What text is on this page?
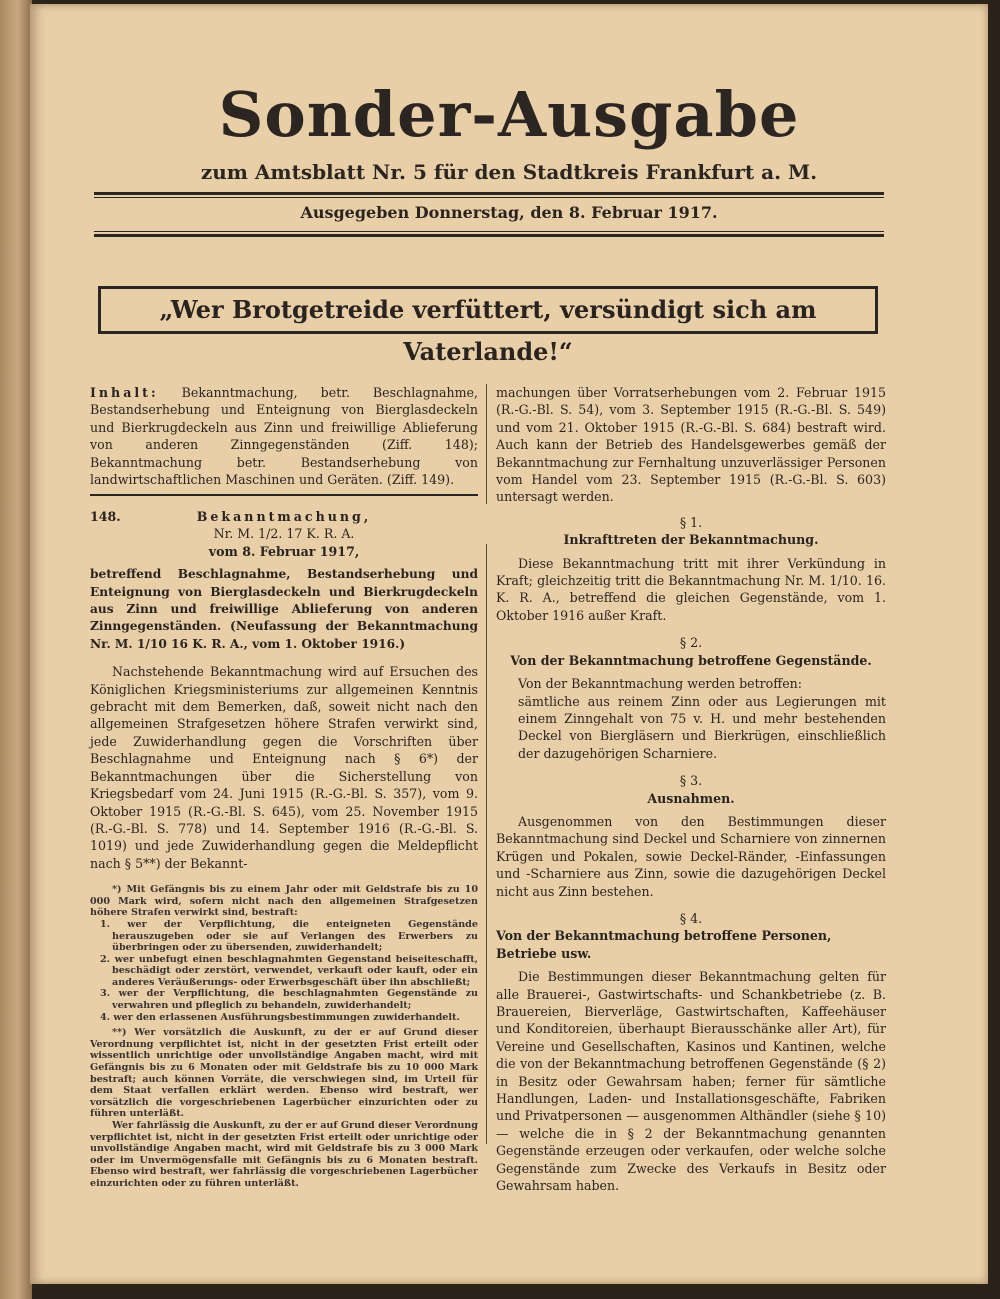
Sonder-Ausgabe
zum Amtsblatt Nr. 5 für den Stadtkreis Frankfurt a. M.
Ausgegeben Donnerstag, den 8. Februar 1917.
„Wer Brotgetreide verfüttert, versündigt sich am Vaterlande!“

Inhalt: Bekanntmachung, betr. Beschlagnahme, Bestandserhebung und Enteignung von Bierglasdeckeln und Bierkrugdeckeln aus Zinn und freiwillige Ablieferung von anderen Zinngegenständen (Ziff. 148); Bekanntmachung betr. Bestandserhebung von landwirtschaftlichen Maschinen und Geräten. (Ziff. 149).

148.	Bekanntmachung,
Nr. M. 1/2. 17 K. R. A.
vom 8. Februar 1917,

betreffend Beschlagnahme, Bestandserhebung und Enteignung von Bierglasdeckeln und Bierkrugdeckeln aus Zinn und freiwillige Ablieferung von anderen Zinngegenständen. (Neufassung der Bekanntmachung Nr. M. 1/10 16 K. R. A., vom 1. Oktober 1916.)

Nachstehende Bekanntmachung wird auf Ersuchen des Königlichen Kriegsministeriums zur allgemeinen Kenntnis gebracht mit dem Bemerken, daß, soweit nicht nach den allgemeinen Strafgesetzen höhere Strafen verwirkt sind, jede Zuwiderhandlung gegen die Vorschriften über Beschlagnahme und Enteignung nach § 6*) der Bekanntmachungen über die Sicherstellung von Kriegsbedarf vom 24. Juni 1915 (R.-G.-Bl. S. 357), vom 9. Oktober 1915 (R.-G.-Bl. S. 645), vom 25. November 1915 (R.-G.-Bl. S. 778) und 14. September 1916 (R.-G.-Bl. S. 1019) und jede Zuwiderhandlung gegen die Meldepflicht nach § 5**) der Bekannt-

*) Mit Gefängnis bis zu einem Jahr oder mit Geldstrafe bis zu 10 000 Mark wird, sofern nicht nach den allgemeinen Strafgesetzen höhere Strafen verwirkt sind, bestraft:

1. wer der Verpflichtung, die enteigneten Gegenstände herauszugeben oder sie auf Verlangen des Erwerbers zu überbringen oder zu übersenden, zuwiderhandelt;
2. wer unbefugt einen beschlagnahmten Gegenstand beiseiteschafft, beschädigt oder zerstört, verwendet, verkauft oder kauft, oder ein anderes Veräußerungs- oder Erwerbsgeschäft über ihn abschließt;
3. wer der Verpflichtung, die beschlagnahmten Gegenstände zu verwahren und pfleglich zu behandeln, zuwiderhandelt;
4. wer den erlassenen Ausführungsbestimmungen zuwiderhandelt.

**) Wer vorsätzlich die Auskunft, zu der er auf Grund dieser Verordnung verpflichtet ist, nicht in der gesetzten Frist erteilt oder wissentlich unrichtige oder unvollständige Angaben macht, wird mit Gefängnis bis zu 6 Monaten oder mit Geldstrafe bis zu 10 000 Mark bestraft; auch können Vorräte, die verschwiegen sind, im Urteil für dem Staat verfallen erklärt werden. Ebenso wird bestraft, wer vorsätzlich die vorgeschriebenen Lagerbücher einzurichten oder zu führen unterläßt.

Wer fahrlässig die Auskunft, zu der er auf Grund dieser Verordnung verpflichtet ist, nicht in der gesetzten Frist erteilt oder unrichtige oder unvollständige Angaben macht, wird mit Geldstrafe bis zu 3 000 Mark oder im Unvermögensfalle mit Gefängnis bis zu 6 Monaten bestraft. Ebenso wird bestraft, wer fahrlässig die vorgeschriebenen Lagerbücher einzurichten oder zu führen unterläßt.

machungen über Vorratserhebungen vom 2. Februar 1915 (R.-G.-Bl. S. 54), vom 3. September 1915 (R.-G.-Bl. S. 549) und vom 21. Oktober 1915 (R.-G.-Bl. S. 684) bestraft wird. Auch kann der Betrieb des Handelsgewerbes gemäß der Bekanntmachung zur Fernhaltung unzuverlässiger Personen vom Handel vom 23. September 1915 (R.-G.-Bl. S. 603) untersagt werden.

§ 1.
Inkrafttreten der Bekanntmachung.

Diese Bekanntmachung tritt mit ihrer Verkündung in Kraft; gleichzeitig tritt die Bekanntmachung Nr. M. 1/10. 16. K. R. A., betreffend die gleichen Gegenstände, vom 1. Oktober 1916 außer Kraft.

§ 2.
Von der Bekanntmachung betroffene Gegenstände.

Von der Bekanntmachung werden betroffen:

sämtliche aus reinem Zinn oder aus Legierungen mit einem Zinngehalt von 75 v. H. und mehr bestehenden Deckel von Biergläsern und Bierkrügen, einschließlich der dazugehörigen Scharniere.

§ 3.
Ausnahmen.

Ausgenommen von den Bestimmungen dieser Bekanntmachung sind Deckel und Scharniere von zinnernen Krügen und Pokalen, sowie Deckel-Ränder, -Einfassungen und -Scharniere aus Zinn, sowie die dazugehörigen Deckel nicht aus Zinn bestehen.

§ 4.
Von der Bekanntmachung betroffene Personen, Betriebe usw.

Die Bestimmungen dieser Bekanntmachung gelten für alle Brauerei-, Gastwirtschafts- und Schankbetriebe (z. B. Brauereien, Bierverläge, Gastwirtschaften, Kaffeehäuser und Konditoreien, überhaupt Bierausschänke aller Art), für Vereine und Gesellschaften, Kasinos und Kantinen, welche die von der Bekanntmachung betroffenen Gegenstände (§ 2) in Besitz oder Gewahrsam haben; ferner für sämtliche Handlungen, Laden- und Installationsgeschäfte, Fabriken und Privatpersonen — ausgenommen Althändler (siehe § 10) — welche die in § 2 der Bekanntmachung genannten Gegenstände erzeugen oder verkaufen, oder welche solche Gegenstände zum Zwecke des Verkaufs in Besitz oder Gewahrsam haben.
